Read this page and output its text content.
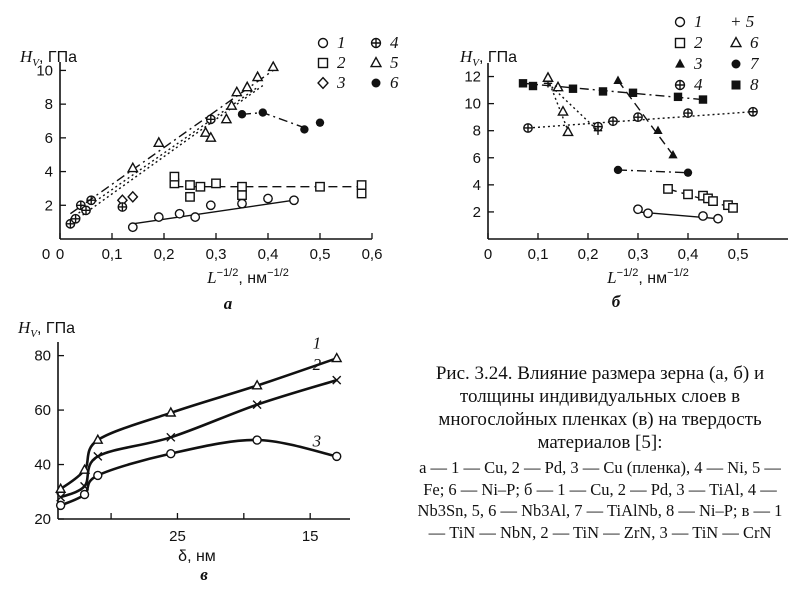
0 0,1 0,2 0,3 0,4 0,5 0,6
2
4
6
8
10
0
$H_V$, ГПа
$L^{-1/2}$, $нм^{-1/2}$
а
1	4
2	5
3	6
0 0,1 0,2 0,3 0,4 0,5
2
4
6
8
10
12
$H_V$, ГПа
$L^{-1/2}$, $нм^{-1/2}$
б
1 + 5
2	6
3	7
4	8
25	15
20
40
60
80
$H_V$, ГПа
δ, нм
в
1
2
3
Рис. 3.24. Влияние размера зерна (а, б) и толщины индивидуальных слоев в многослойных пленках (в) на твердость материалов [5]:
а — 1 — Cu, 2 — Pd, 3 — Cu (пленка), 4 — Ni, 5 — Fe; 6 — Ni–P; б — 1 — Cu, 2 — Pd, 3 — TiAl, 4 — Nb3Sn, 5, 6 — Nb3Al, 7 — TiAlNb, 8 — Ni–P; в — 1 — TiN — NbN, 2 — TiN — ZrN, 3 — TiN — CrN
